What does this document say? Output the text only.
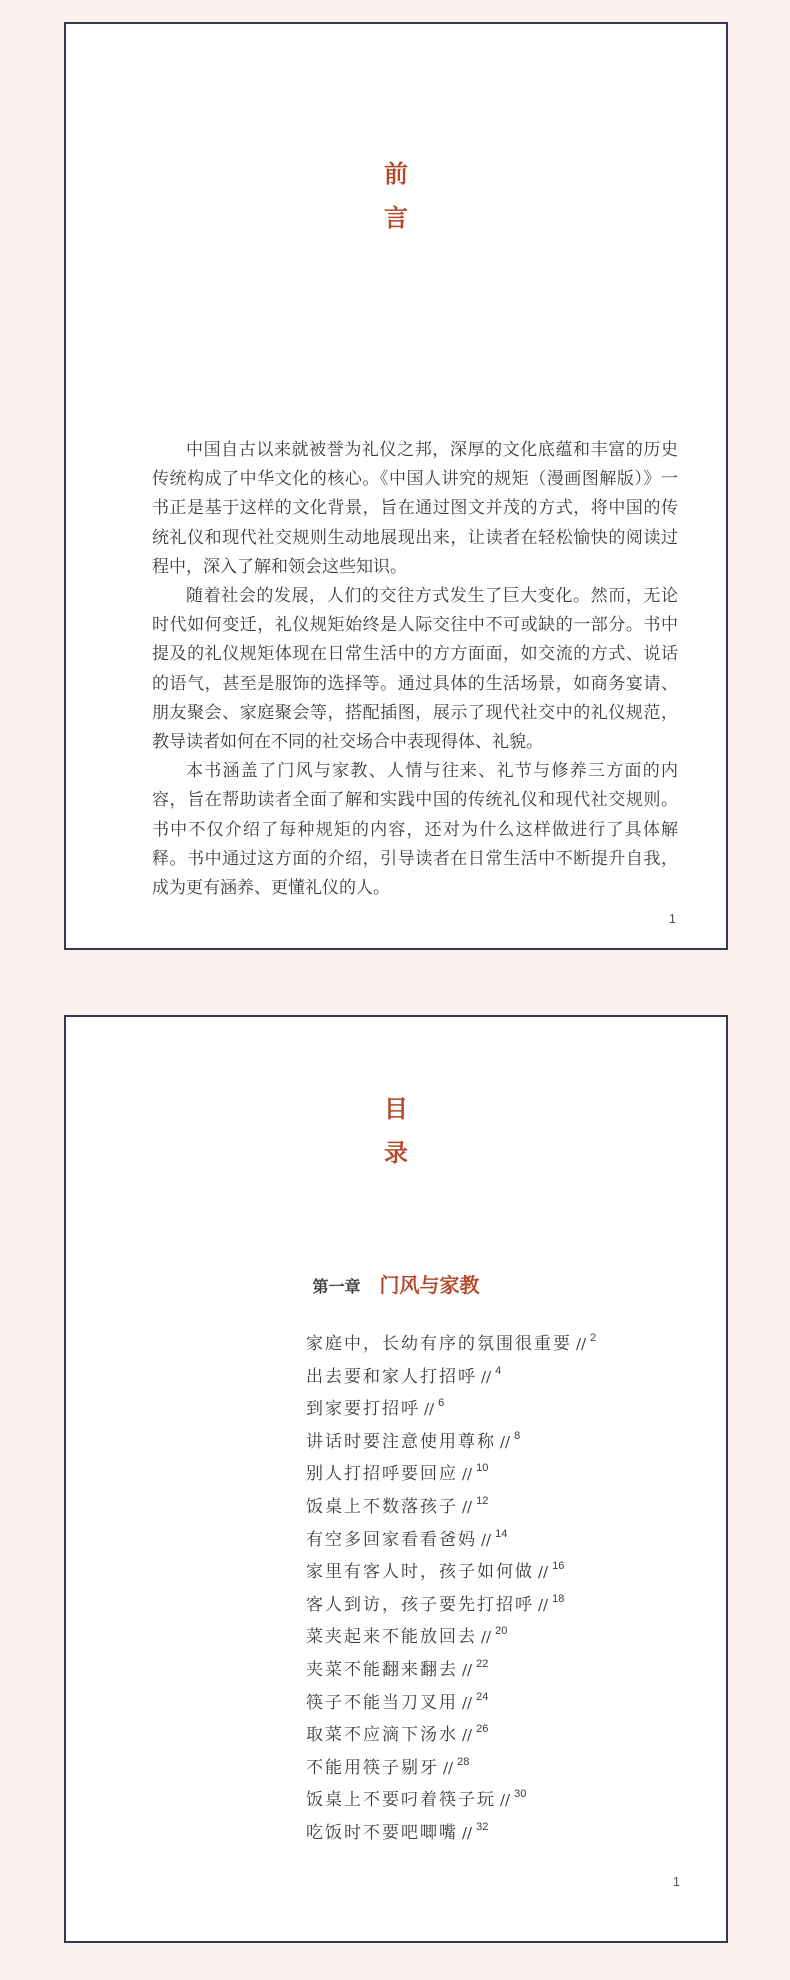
前
言

中国自古以来就被誉为礼仪之邦，深厚的文化底蕴和丰富的历史传统构成了中华文化的核心。《中国人讲究的规矩（漫画图解版）》一书正是基于这样的文化背景，旨在通过图文并茂的方式，将中国的传统礼仪和现代社交规则生动地展现出来，让读者在轻松愉快的阅读过程中，深入了解和领会这些知识。

随着社会的发展，人们的交往方式发生了巨大变化。然而，无论时代如何变迁，礼仪规矩始终是人际交往中不可或缺的一部分。书中提及的礼仪规矩体现在日常生活中的方方面面，如交流的方式、说话的语气，甚至是服饰的选择等。通过具体的生活场景，如商务宴请、朋友聚会、家庭聚会等，搭配插图，展示了现代社交中的礼仪规范，教导读者如何在不同的社交场合中表现得体、礼貌。

本书涵盖了门风与家教、人情与往来、礼节与修养三方面的内容，旨在帮助读者全面了解和实践中国的传统礼仪和现代社交规则。书中不仅介绍了每种规矩的内容，还对为什么这样做进行了具体解释。书中通过这方面的介绍，引导读者在日常生活中不断提升自我，成为更有涵养、更懂礼仪的人。

1
目
录
第一章 门风与家教
家庭中，长幼有序的氛围很重要 // $^2$
出去要和家人打招呼 // $^4$
到家要打招呼 // $^6$
讲话时要注意使用尊称 // $^8$
别人打招呼要回应 // $^{10}$
饭桌上不数落孩子 // $^{12}$
有空多回家看看爸妈 // $^{14}$
家里有客人时，孩子如何做 // $^{16}$
客人到访，孩子要先打招呼 // $^{18}$
菜夹起来不能放回去 // $^{20}$
夹菜不能翻来翻去 // $^{22}$
筷子不能当刀叉用 // $^{24}$
取菜不应滴下汤水 // $^{26}$
不能用筷子剔牙 // $^{28}$
饭桌上不要叼着筷子玩 // $^{30}$
吃饭时不要吧唧嘴 // $^{32}$
1
